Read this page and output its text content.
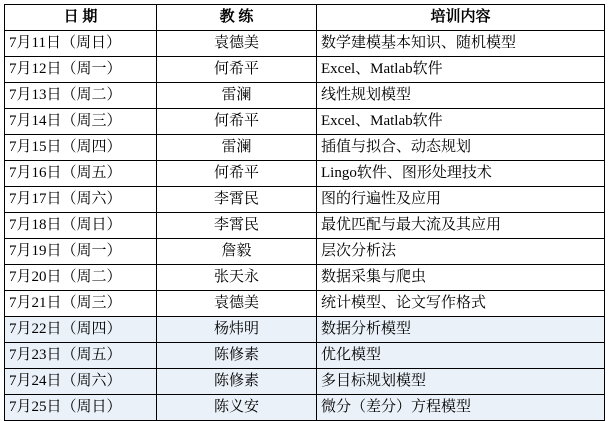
日 期	教 练	培训内容
7月11日（周日）	袁德美	数学建模基本知识、随机模型
7月12日（周一）	何希平	Excel、Matlab软件
7月13日（周二）	雷澜	线性规划模型
7月14日（周三）	何希平	Excel、Matlab软件
7月15日（周四）	雷澜	插值与拟合、动态规划
7月16日（周五）	何希平	Lingo软件、图形处理技术
7月17日（周六）	李霄民	图的行遍性及应用
7月18日（周日）	李霄民	最优匹配与最大流及其应用
7月19日（周一）	詹毅	层次分析法
7月20日（周二）	张天永	数据采集与爬虫
7月21日（周三）	袁德美	统计模型、论文写作格式
7月22日（周四）	杨炜明	数据分析模型
7月23日（周五）	陈修素	优化模型
7月24日（周六）	陈修素	多目标规划模型
7月25日（周日）	陈义安	微分（差分）方程模型
